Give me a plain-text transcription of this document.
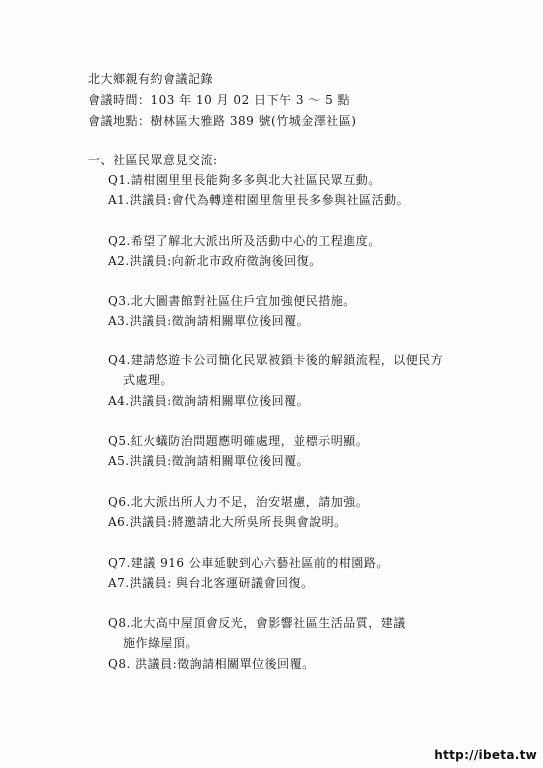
北大鄉親有約會議記錄
會議時間：103 年 10 月 02 日下午 3 ～ 5 點
會議地點：樹林區大雅路 389 號(竹城金澤社區)
一、社區民眾意見交流:
Q1.請柑園里里長能夠多多與北大社區民眾互動。
A1.洪議員:會代為轉達柑園里詹里長多參與社區活動。
Q2.希望了解北大派出所及活動中心的工程進度。
A2.洪議員:向新北市政府徵詢後回復。
Q3.北大圖書館對社區住戶宜加強便民措施。
A3.洪議員:徵詢請相關單位後回覆。
Q4.建請悠遊卡公司簡化民眾被鎖卡後的解鎖流程，以便民方
式處理。
A4.洪議員:徵詢請相關單位後回覆。
Q5.紅火蟻防治問題應明確處理，並標示明顯。
A5.洪議員:徵詢請相關單位後回覆。
Q6.北大派出所人力不足，治安堪慮，請加強。
A6.洪議員:將邀請北大所吳所長與會說明。
Q7.建議 916 公車延駛到心六藝社區前的柑園路。
A7.洪議員: 與台北客運研議會回復。
Q8.北大高中屋頂會反光，會影響社區生活品質，建議
施作綠屋頂。
Q8. 洪議員:徵詢請相關單位後回覆。
http://ibeta.tw
